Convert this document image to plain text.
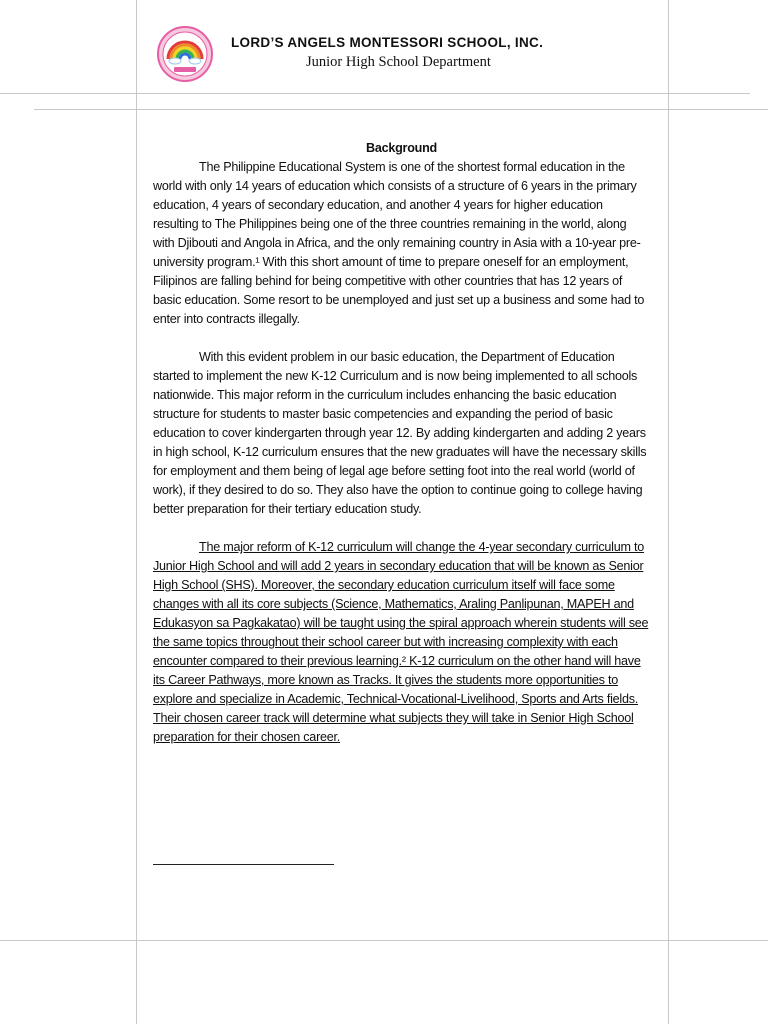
LORD’S ANGELS MONTESSORI SCHOOL, INC.
Junior High School Department

Background

The Philippine Educational System is one of the shortest formal education in the world with only 14 years of education which consists of a structure of 6 years in the primary education, 4 years of secondary education, and another 4 years for higher education resulting to The Philippines being one of the three countries remaining in the world, along with Djibouti and Angola in Africa, and the only remaining country in Asia with a 10-year pre-university program.¹ With this short amount of time to prepare oneself for an employment, Filipinos are falling behind for being competitive with other countries that has 12 years of basic education. Some resort to be unemployed and just set up a business and some had to enter into contracts illegally.

With this evident problem in our basic education, the Department of Education started to implement the new K-12 Curriculum and is now being implemented to all schools nationwide. This major reform in the curriculum includes enhancing the basic education structure for students to master basic competencies and expanding the period of basic education to cover kindergarten through year 12. By adding kindergarten and adding 2 years in high school, K-12 curriculum ensures that the new graduates will have the necessary skills for employment and them being of legal age before setting foot into the real world (world of work), if they desired to do so. They also have the option to continue going to college having better preparation for their tertiary education study.

The major reform of K-12 curriculum will change the 4-year secondary curriculum to Junior High School and will add 2 years in secondary education that will be known as Senior High School (SHS). Moreover, the secondary education curriculum itself will face some changes with all its core subjects (Science, Mathematics, Araling Panlipunan, MAPEH and Edukasyon sa Pagkakatao) will be taught using the spiral approach wherein students will see the same topics throughout their school career but with increasing complexity with each encounter compared to their previous learning.² K-12 curriculum on the other hand will have its Career Pathways, more known as Tracks. It gives the students more opportunities to explore and specialize in Academic, Technical-Vocational-Livelihood, Sports and Arts fields. Their chosen career track will determine what subjects they will take in Senior High School preparation for their chosen career.
